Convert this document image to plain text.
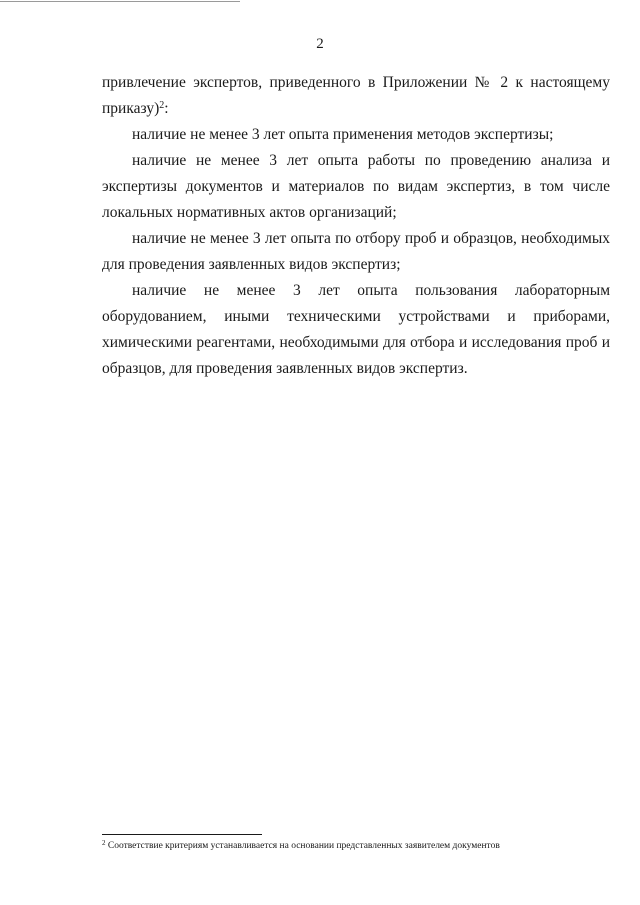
2

привлечение экспертов, приведенного в Приложении № 2 к настоящему приказу)$^2$:

наличие не менее 3 лет опыта применения методов экспертизы;

наличие не менее 3 лет опыта работы по проведению анализа и экспертизы документов и материалов по видам экспертиз, в том числе локальных нормативных актов организаций;

наличие не менее 3 лет опыта по отбору проб и образцов, необходимых для проведения заявленных видов экспертиз;

наличие не менее 3 лет опыта пользования лабораторным оборудованием, иными техническими устройствами и приборами, химическими реагентами, необходимыми для отбора и исследования проб и образцов, для проведения заявленных видов экспертиз.

$^2$ Соответствие критериям устанавливается на основании представленных заявителем документов
